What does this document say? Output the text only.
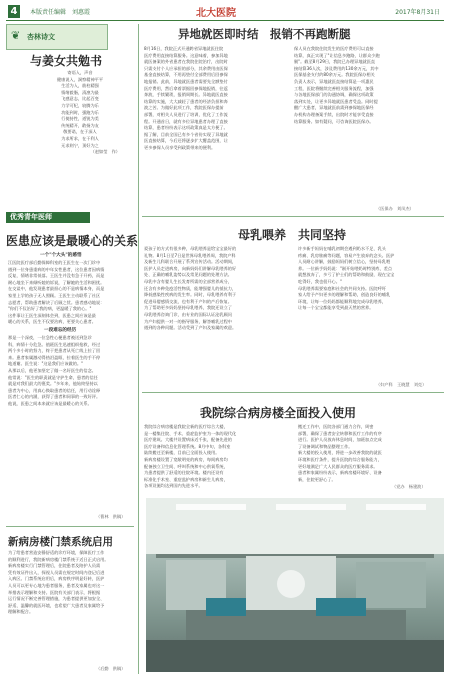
4	本版责任编辑　刘惠霞	北大医院	2017年8月31日
❦ 杏林诗文
与姜女共勉书
寄语入，声音
健康说入，洞察精神平平
生活为入，筋柱精强
情绪毅脂，清凛为最
飞感意志，比起百变
力学可纪，较腾为乐
功能到时，强跑为乐
行使持性，道锐为美
传统精开，敢扬为友
敬要诺，在于深人
为求所求，在干利人
无求则宁，顶好为之
（赵如莹　作）
优秀青年医师
医患应该是最暖心的关系
一个"个大头"的感悟
江医院医疗部后勤保障科室的王医生在一次门诊中
遇到一位身患重病的中年女性患者，这位患者因病情
反复，情绪非常低落。王医生并没有急于开药，而是
耐心地坐下来倾听她的诉说，了解她的生活和困扰。
在交谈中，他发现患者最担心的不是病情本身，而是
家里上学的孩子无人照顾。王医生主动联系了社区
志愿者，帮助患者解决了后顾之忧。患者感动地说：
"你们不仅治好了我的病，更温暖了我的心。"
这件事让王医生深刻体会到，医患之间应该是最
暖心的关系，医生不仅要治病，更要关心患者。
一段难忘的经历
那是一个深夜，一位急性心梗患者被送到急诊
科，病情十分危急。值班医生迅速组织抢救，经过
两个多小时的努力，终于把患者从死亡线上拉了回
来。患者家属激动得热泪盈眶，拉着医生的手不停
地道谢。医生说："这是我们应该做的。"
从那以后，他更加坚定了做一名好医生的信念。
他常说："医生的职责就是守护生命，患者的信任
就是对我们最大的褒奖。"多年来，他始终坚持以
患者为中心，用真心换取患者的信任，用行动诠释
医者仁心的内涵，获得了患者和同事的一致好评。
他说，医患之间本来就应该是最暖心的关系。
（曹林　供稿）
新病房楼门禁系统启用
为了给患者营造安静舒适的诊疗环境，保障医疗工作
的顺利进行，我院新病房楼门禁系统于近日正式启用。
新病房楼实行门禁管理后，住院患者及陪护人员需
凭有效证件出入，探视人员需在规定时间内登记后进
入病区。门禁系统启用后，病房秩序明显好转，医护
人员可以更专心地为患者服务，患者及家属也对这一
举措表示理解和支持。医院有关部门表示，将根据
运行情况不断完善管理措施，为患者提供更加安全、
舒适、温馨的就医环境，也希望广大患者及家属给予
理解和配合。
（后勤　供稿）
异地就医即时结　报销不再跑断腿
8月16日，我院正式开通跨省异地就医住院
医疗费用直接结算服务。这意味着，参加异地
就医备案的外省患者在我院住院治疗，出院时
只需支付个人应承担的部分，其余费用由医保
基金直接结算，不用再垫付全部费用后回参保
地报销。此前，异地就医患者需要先全额垫付
医疗费用，然后拿着票据回参保地报销，往返
奔波，手续繁琐，报销周期长。异地就医直接
结算的实施，大大减轻了患者的经济负担和奔
波之苦。为做好此项工作，我院医保办提前
部署，对相关人员进行了培训，优化了工作流
程。开通首日，就有多位异地患者办理了直接
结算，患者纷纷表示这项政策真是太方便了。
据了解，目前全国已有多个省份实现了异地就
医直接结算，今后还将逐步扩大覆盖范围，让
更多参保人员享受到政策带来的便利。
保人员在我院住院发生的医疗费用可以直接
结算，真正实现了"让信息多跑路，让群众少跑
腿"。截至8月29日，我院已办理异地就医直
接结算36人次，涉及费用约130余万元，其中
医保基金支付约80余万元。我院医保办相关
负责人表示，异地就医直接结算是一项惠民
工程，医院将继续完善相关服务流程，加强
与各地医保部门的沟通协调，确保这项政策
落到实处，让更多异地就医患者受益。同时提
醒广大患者，异地就医前需到参保地医保经
办机构办理备案手续，出院时才能享受直接
结算服务。如有疑问，可咨询医院医保办。
（医保办　刘凤杰）
母乳喂养　共同坚持
爱孩子的方式有很多种，母乳喂养是给宝宝最好的
礼物。8月1日至7日是世界母乳喂养周，我院产科
及新生儿科联合开展了系列宣传活动。活动期间，
医护人员走进病房，向新妈妈们讲解母乳喂养的好
处、正确的哺乳姿势以及常见问题的处理方法。
母乳中含有婴儿生长发育所需的全部营养成分，
还含有多种免疫活性物质，能增强婴儿的抵抗力，
降低感染性疾病的发生率。同时，母乳喂养有利于
促进母婴感情交流，也有利于产妇的产后恢复。
为了帮助更多妈妈坚持母乳喂养，我院还设立了
母乳喂养咨询门诊，由专业的国际认证泌乳顾问
为产妇提供一对一的指导服务，解答哺乳过程中
遇到的各种问题。活动受到了产妇及家属的欢迎。
许多新手妈妈在哺乳初期会遇到奶水不足、乳头
疼痛、乳房胀痛等问题，容易产生放弃的念头。医护
人员耐心讲解，鼓励妈妈们树立信心，坚持母乳喂
养。一位新手妈妈说："刚开始喂奶时特别疼，差点
就想放弃了，多亏了护士们的帮助和鼓励，现在宝宝
吃得好，我也很开心。"
母乳喂养需要家庭和社会的共同支持。医院呼吁
家人给予产妇更多的理解和帮助，创造良好的哺乳
环境，让每一位妈妈都能顺利地完成母乳喂养，
让每一个宝宝都能享受到最天然的营养。
（妇产科　王晓慧　刘克）
我院综合病房楼全面投入使用
我院综合病房楼是我院全新的医疗综合大楼，
是一楼集住院、手术、重症监护室为一体的现代化
医疗建筑。大楼共设置病床近千张，配备先进的
医疗设备和信息化管理系统。8月中旬，各科室
陆续搬迁至新楼，目前已全面投入使用。
新病房楼设置了宽敞明亮的病房，每间病房均
配备独立卫生间、呼叫系统和中心供氧系统，
为患者提供了舒适的住院环境。楼内还设有
标准化手术室、重症监护病房和新生儿病房，
各项设施均达到国内先进水平。
搬迁工作中，医院各部门通力合作，周密
部署，确保了患者安全转移和医疗工作的有序
进行。医护人员放弃休息时间，加班加点完成
了设备调试和物品整理工作。
新大楼的投入使用，将进一步改善我院的就医
环境和医疗条件，提升医院的综合服务能力，
更好地满足广大人民群众的医疗服务需求。
患者和家属纷纷表示，新病房楼环境好、设备
新，住院更舒心了。
（党办　杨建波）
